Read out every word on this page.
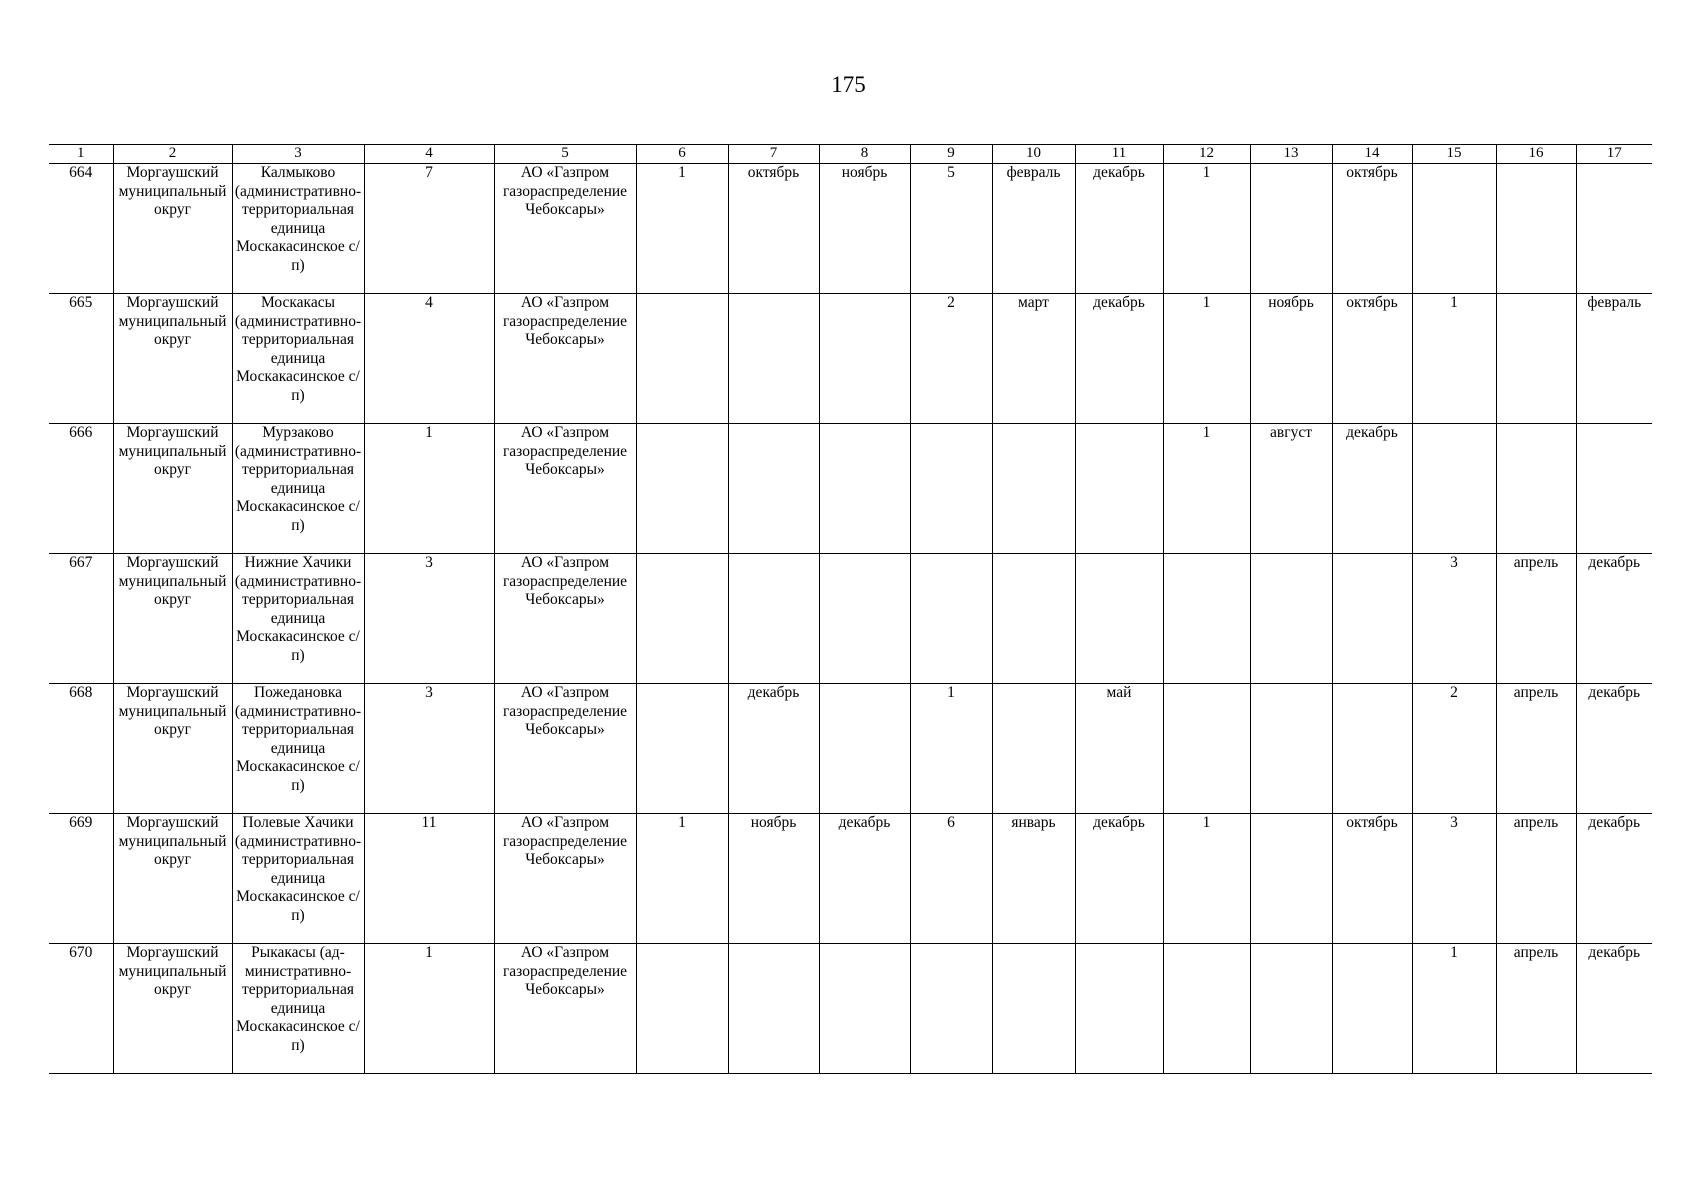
175
1	2	3	4	5	6	7	8	9	10	11	12	13	14	15	16	17
664	Моргаушский муниципальный округ	Калмыково (административно-территориальная единица Москакасинское с/п)	7	АО «Газпром газораспределение Чебоксары»	1	октябрь	ноябрь	5	февраль	декабрь	1		октябрь			
665	Моргаушский муниципальный округ	Москакасы (административно-территориальная единица Москакасинское с/п)	4	АО «Газпром газораспределение Чебоксары»				2	март	декабрь	1	ноябрь	октябрь	1		февраль
666	Моргаушский муниципальный округ	Мурзаково (административно-территориальная единица Москакасинское с/п)	1	АО «Газпром газораспределение Чебоксары»							1	август	декабрь			
667	Моргаушский муниципальный округ	Нижние Хачики (административно-территориальная единица Москакасинское с/п)	3	АО «Газпром газораспределение Чебоксары»										3	апрель	декабрь
668	Моргаушский муниципальный округ	Пожедановка (административно-территориальная единица Москакасинское с/п)	3	АО «Газпром газораспределение Чебоксары»		декабрь		1		май				2	апрель	декабрь
669	Моргаушский муниципальный округ	Полевые Хачики (административно-территориальная единица Москакасинское с/п)	11	АО «Газпром газораспределение Чебоксары»	1	ноябрь	декабрь	6	январь	декабрь	1		октябрь	3	апрель	декабрь
670	Моргаушский муниципальный округ	Рыкакасы (административно-территориальная единица Москакасинское с/п)	1	АО «Газпром газораспределение Чебоксары»										1	апрель	декабрь
